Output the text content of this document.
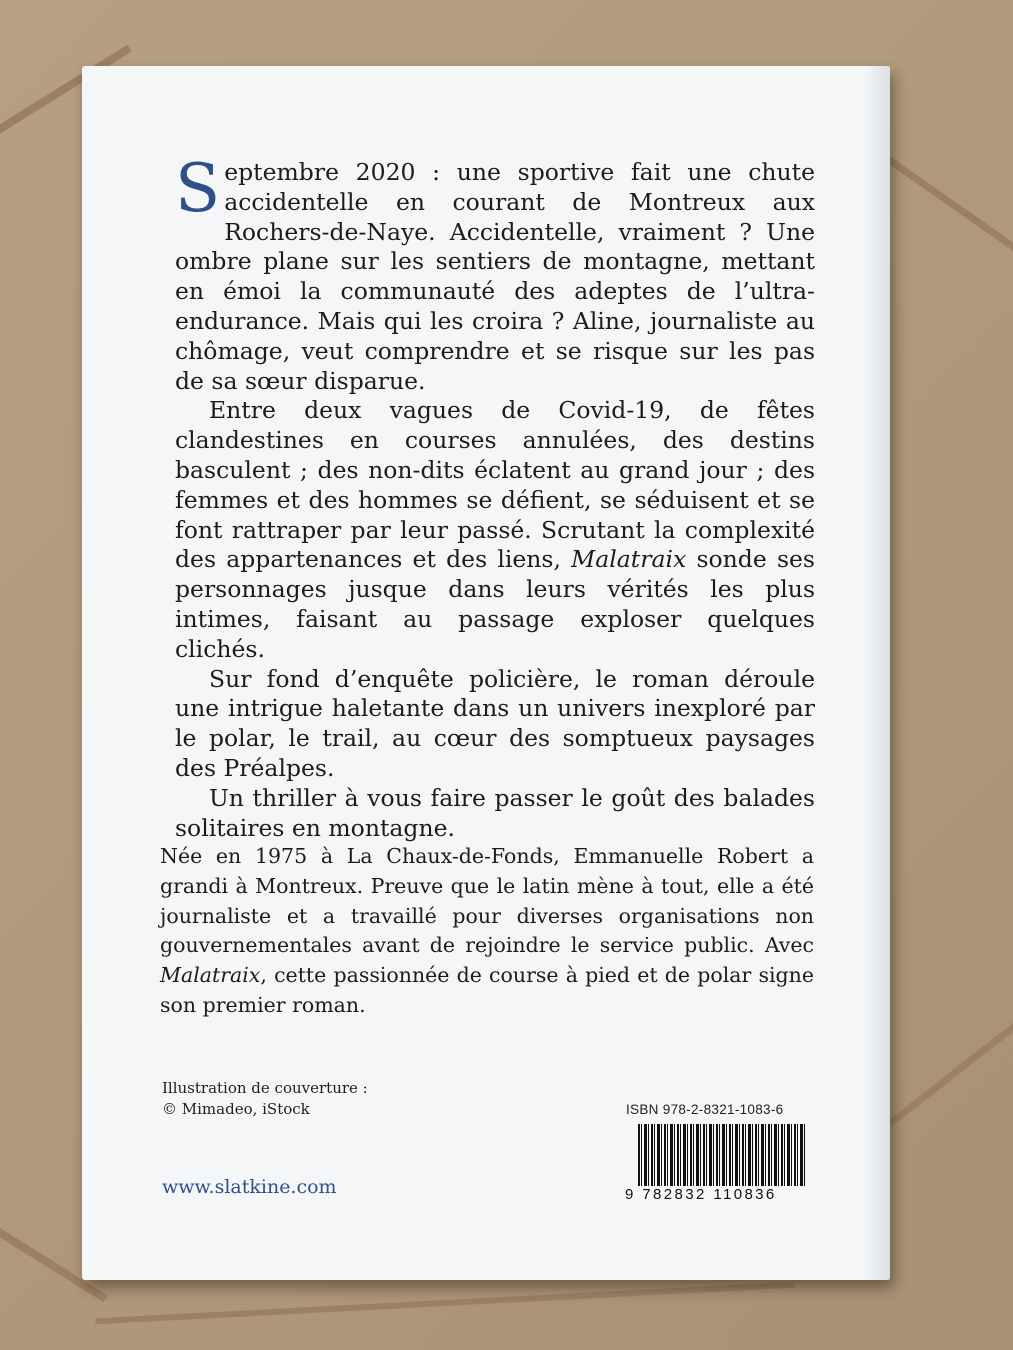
Septembre 2020 : une sportive fait une chute accidentelle en courant de Montreux aux Rochers-de-Naye. Accidentelle, vraiment ? Une ombre plane sur les sentiers de montagne, mettant en émoi la communauté des adeptes de l’ultra-endurance. Mais qui les croira ? Aline, journaliste au chômage, veut comprendre et se risque sur les pas de sa sœur disparue.

Entre deux vagues de Covid-19, de fêtes clandestines en courses annulées, des destins basculent ; des non-dits éclatent au grand jour ; des femmes et des hommes se défient, se séduisent et se font rattraper par leur passé. Scrutant la complexité des appartenances et des liens, Malatraix sonde ses personnages jusque dans leurs vérités les plus intimes, faisant au passage exploser quelques clichés.

Sur fond d’enquête policière, le roman déroule une intrigue haletante dans un univers inexploré par le polar, le trail, au cœur des somptueux paysages des Préalpes.

Un thriller à vous faire passer le goût des balades solitaires en montagne.

Née en 1975 à La Chaux-de-Fonds, Emmanuelle Robert a grandi à Montreux. Preuve que le latin mène à tout, elle a été journaliste et a travaillé pour diverses organisations non gouvernementales avant de rejoindre le service public. Avec Malatraix, cette passionnée de course à pied et de polar signe son premier roman.

Illustration de couverture :
© Mimadeo, iStock
www.slatkine.com
ISBN 978-2-8321-1083-6
9 782832 110836
